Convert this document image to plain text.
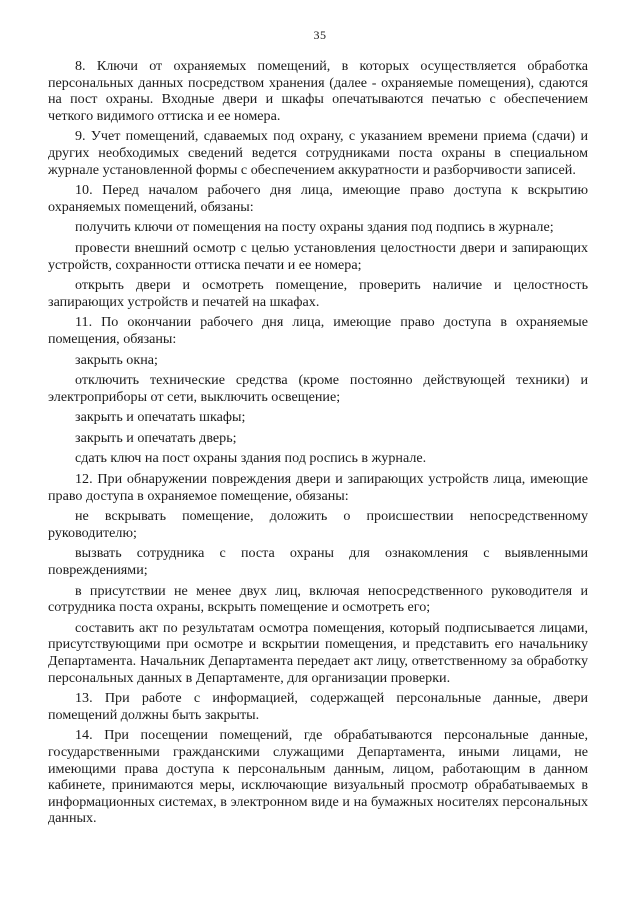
35

8. Ключи от охраняемых помещений, в которых осуществляется обработка персональных данных посредством хранения (далее - охраняемые помещения), сдаются на пост охраны. Входные двери и шкафы опечатываются печатью с обеспечением четкого видимого оттиска и ее номера.

9. Учет помещений, сдаваемых под охрану, с указанием времени приема (сдачи) и других необходимых сведений ведется сотрудниками поста охраны в специальном журнале установленной формы с обеспечением аккуратности и разборчивости записей.

10. Перед началом рабочего дня лица, имеющие право доступа к вскрытию охраняемых помещений, обязаны:

получить ключи от помещения на посту охраны здания под подпись в журнале;

провести внешний осмотр с целью установления целостности двери и запирающих устройств, сохранности оттиска печати и ее номера;

открыть двери и осмотреть помещение, проверить наличие и целостность запирающих устройств и печатей на шкафах.

11. По окончании рабочего дня лица, имеющие право доступа в охраняемые помещения, обязаны:

закрыть окна;

отключить технические средства (кроме постоянно действующей техники) и электроприборы от сети, выключить освещение;

закрыть и опечатать шкафы;

закрыть и опечатать дверь;

сдать ключ на пост охраны здания под роспись в журнале.

12. При обнаружении повреждения двери и запирающих устройств лица, имеющие право доступа в охраняемое помещение, обязаны:

не вскрывать помещение, доложить о происшествии непосредственному руководителю;

вызвать сотрудника с поста охраны для ознакомления с выявленными повреждениями;

в присутствии не менее двух лиц, включая непосредственного руководителя и сотрудника поста охраны, вскрыть помещение и осмотреть его;

составить акт по результатам осмотра помещения, который подписывается лицами, присутствующими при осмотре и вскрытии помещения, и представить его начальнику Департамента. Начальник Департамента передает акт лицу, ответственному за обработку персональных данных в Департаменте, для организации проверки.

13. При работе с информацией, содержащей персональные данные, двери помещений должны быть закрыты.

14. При посещении помещений, где обрабатываются персональные данные, государственными гражданскими служащими Департамента, иными лицами, не имеющими права доступа к персональным данным, лицом, работающим в данном кабинете, принимаются меры, исключающие визуальный просмотр обрабатываемых в информационных системах, в электронном виде и на бумажных носителях персональных данных.
